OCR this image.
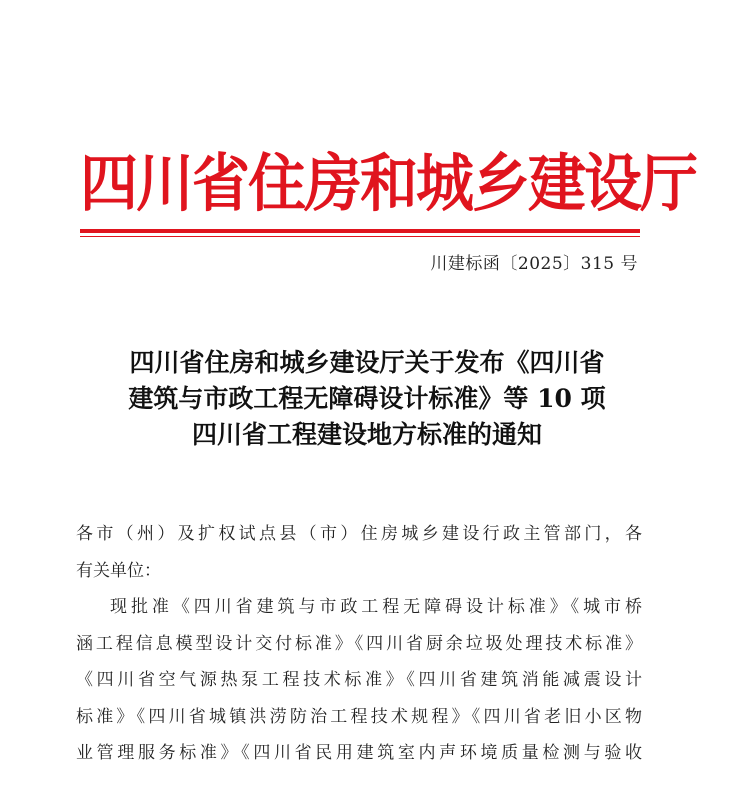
四川省住房和城乡建设厅
川建标函〔2025〕315 号
四川省住房和城乡建设厅关于发布《四川省
建筑与市政工程无障碍设计标准》等 10 项
四川省工程建设地方标准的通知

各市（州）及扩权试点县（市）住房城乡建设行政主管部门，各

有关单位：

现批准《四川省建筑与市政工程无障碍设计标准》《城市桥

涵工程信息模型设计交付标准》《四川省厨余垃圾处理技术标准》

《四川省空气源热泵工程技术标准》《四川省建筑消能减震设计

标准》《四川省城镇洪涝防治工程技术规程》《四川省老旧小区物

业管理服务标准》《四川省民用建筑室内声环境质量检测与验收
